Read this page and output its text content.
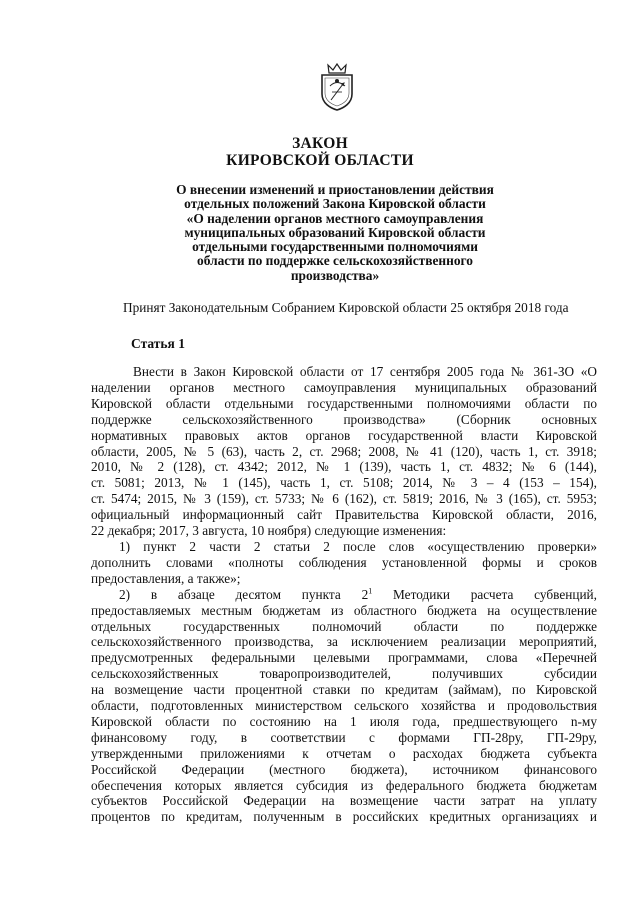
ЗАКОН
КИРОВСКОЙ ОБЛАСТИ
О внесении изменений и приостановлении действия
отдельных положений Закона Кировской области
«О наделении органов местного самоуправления
муниципальных образований Кировской области
отдельными государственными полномочиями
области по поддержке сельскохозяйственного
производства»
Принят Законодательным Собранием Кировской области 25 октября 2018 года
Статья 1
Внести в Закон Кировской области от 17 сентября 2005 года № 361-ЗО «О
наделении органов местного самоуправления муниципальных образований
Кировской области отдельными государственными полномочиями области по
поддержке сельскохозяйственного производства» (Сборник основных
нормативных правовых актов органов государственной власти Кировской
области, 2005, № 5 (63), часть 2, ст. 2968; 2008, № 41 (120), часть 1, ст. 3918;
2010, № 2 (128), ст. 4342; 2012, № 1 (139), часть 1, ст. 4832; № 6 (144),
ст. 5081; 2013, № 1 (145), часть 1, ст. 5108; 2014, № 3 – 4 (153 – 154),
ст. 5474; 2015, № 3 (159), ст. 5733; № 6 (162), ст. 5819; 2016, № 3 (165), ст. 5953;
официальный информационный сайт Правительства Кировской области, 2016,
22 декабря; 2017, 3 августа, 10 ноября) следующие изменения:
1) пункт 2 части 2 статьи 2 после слов «осуществлению проверки»
дополнить словами «полноты соблюдения установленной формы и сроков
предоставления, а также»;
2) в абзаце десятом пункта $2^1$ Методики расчета субвенций,
предоставляемых местным бюджетам из областного бюджета на осуществление
отдельных государственных полномочий области по поддержке
сельскохозяйственного производства, за исключением реализации мероприятий,
предусмотренных федеральными целевыми программами, слова «Перечней
сельскохозяйственных товаропроизводителей, получивших субсидии
на возмещение части процентной ставки по кредитам (займам), по Кировской
области, подготовленных министерством сельского хозяйства и продовольствия
Кировской области по состоянию на 1 июля года, предшествующего n-му
финансовому году, в соответствии с формами ГП-28ру, ГП-29ру,
утвержденными приложениями к отчетам о расходах бюджета субъекта
Российской Федерации (местного бюджета), источником финансового
обеспечения которых является субсидия из федерального бюджета бюджетам
субъектов Российской Федерации на возмещение части затрат на уплату
процентов по кредитам, полученным в российских кредитных организациях и
